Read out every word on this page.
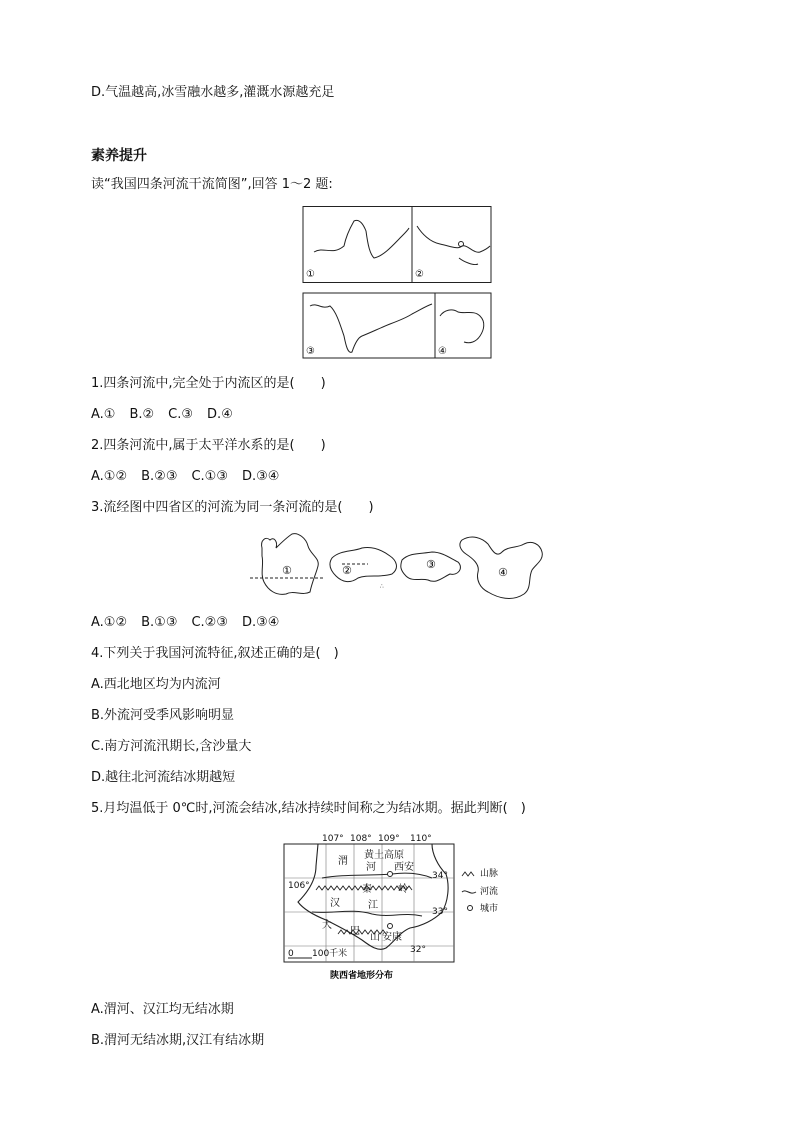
D.气温越高,冰雪融水越多,灌溉水源越充足
素养提升
读“我国四条河流干流简图”,回答 1～2 题:
①	②
③	④
1.四条河流中,完全处于内流区的是(　　)
A.① B.② C.③ D.④
2.四条河流中,属于太平洋水系的是(　　)
A.①② B.②③ C.①③ D.③④
3.流经图中四省区的河流为同一条河流的是(　　)
∴
①	②	③
④
A.①② B.①③ C.②③ D.③④
4.下列关于我国河流特征,叙述正确的是(　)
A.西北地区均为内流河
B.外流河受季风影响明显
C.南方河流汛期长,含沙量大
D.越往北河流结冰期越短
5.月均温低于 0℃时,河流会结冰,结冰持续时间称之为结冰期。据此判断(　)
107° 108° 109° 110°
黄土高原
渭
河 西安
秦	岭
汉	江
大
巴
山 安康
106°
34°
33°
32°
0 100千米
陕西省地形分布
山脉
河流
城市
A.渭河、汉江均无结冰期
B.渭河无结冰期,汉江有结冰期
